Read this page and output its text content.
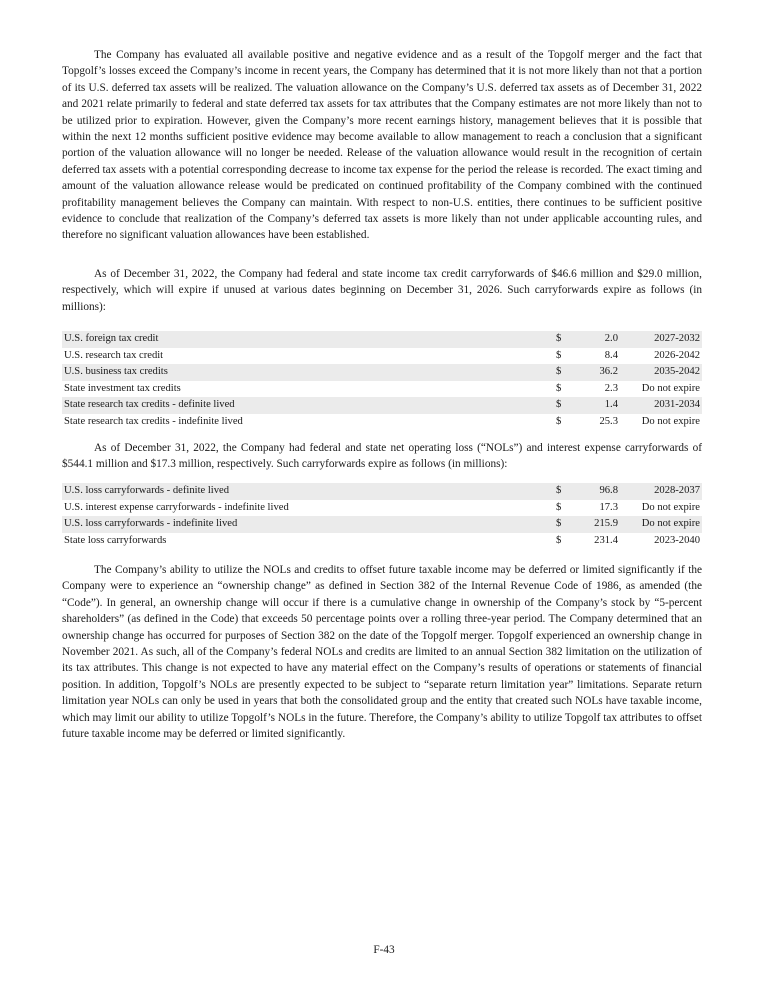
The Company has evaluated all available positive and negative evidence and as a result of the Topgolf merger and the fact that Topgolf’s losses exceed the Company’s income in recent years, the Company has determined that it is not more likely than not that a portion of its U.S. deferred tax assets will be realized. The valuation allowance on the Company’s U.S. deferred tax assets as of December 31, 2022 and 2021 relate primarily to federal and state deferred tax assets for tax attributes that the Company estimates are not more likely than not to be utilized prior to expiration. However, given the Company’s more recent earnings history, management believes that it is possible that within the next 12 months sufficient positive evidence may become available to allow management to reach a conclusion that a significant portion of the valuation allowance will no longer be needed. Release of the valuation allowance would result in the recognition of certain deferred tax assets with a potential corresponding decrease to income tax expense for the period the release is recorded. The exact timing and amount of the valuation allowance release would be predicated on continued profitability of the Company combined with the continued profitability management believes the Company can maintain. With respect to non-U.S. entities, there continues to be sufficient positive evidence to conclude that realization of the Company’s deferred tax assets is more likely than not under applicable accounting rules, and therefore no significant valuation allowances have been established.

As of December 31, 2022, the Company had federal and state income tax credit carryforwards of $46.6 million and $29.0 million, respectively, which will expire if unused at various dates beginning on December 31, 2026. Such carryforwards expire as follows (in millions):

U.S. foreign tax credit	$	2.0	2027-2032
U.S. research tax credit	$	8.4	2026-2042
U.S. business tax credits	$	36.2	2035-2042
State investment tax credits	$	2.3	Do not expire
State research tax credits - definite lived	$	1.4	2031-2034
State research tax credits - indefinite lived	$	25.3	Do not expire

As of December 31, 2022, the Company had federal and state net operating loss (“NOLs”) and interest expense carryforwards of $544.1 million and $17.3 million, respectively. Such carryforwards expire as follows (in millions):

U.S. loss carryforwards - definite lived	$	96.8	2028-2037
U.S. interest expense carryforwards - indefinite lived	$	17.3	Do not expire
U.S. loss carryforwards - indefinite lived	$	215.9	Do not expire
State loss carryforwards	$	231.4	2023-2040

The Company’s ability to utilize the NOLs and credits to offset future taxable income may be deferred or limited significantly if the Company were to experience an “ownership change” as defined in Section 382 of the Internal Revenue Code of 1986, as amended (the “Code”). In general, an ownership change will occur if there is a cumulative change in ownership of the Company’s stock by “5-percent shareholders” (as defined in the Code) that exceeds 50 percentage points over a rolling three-year period. The Company determined that an ownership change has occurred for purposes of Section 382 on the date of the Topgolf merger. Topgolf experienced an ownership change in November 2021. As such, all of the Company’s federal NOLs and credits are limited to an annual Section 382 limitation on the utilization of its tax attributes. This change is not expected to have any material effect on the Company’s results of operations or statements of financial position. In addition, Topgolf’s NOLs are presently expected to be subject to “separate return limitation year” limitations. Separate return limitation year NOLs can only be used in years that both the consolidated group and the entity that created such NOLs have taxable income, which may limit our ability to utilize Topgolf’s NOLs in the future. Therefore, the Company’s ability to utilize Topgolf tax attributes to offset future taxable income may be deferred or limited significantly.

F-43
